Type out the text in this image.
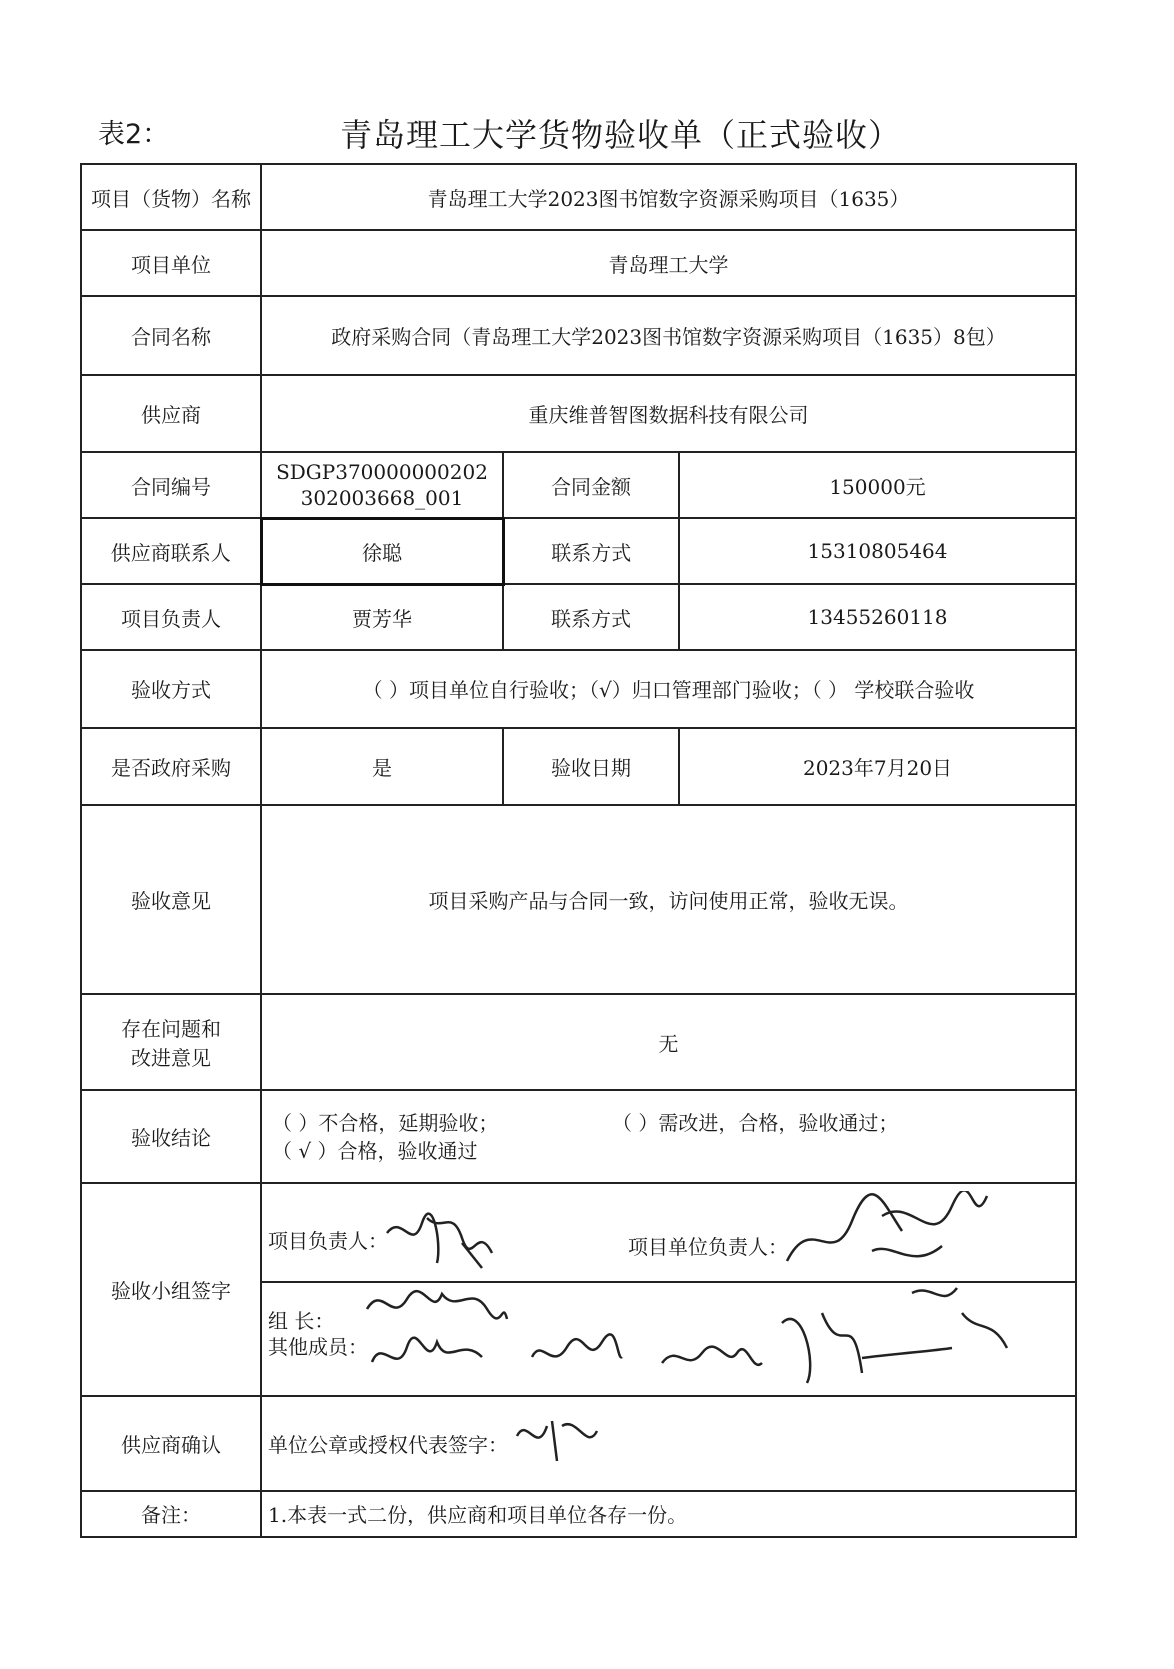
表2：	青岛理工大学货物验收单（正式验收）
项目（货物）名称	青岛理工大学2023图书馆数字资源采购项目（1635）		
项目单位	青岛理工大学		
合同名称	政府采购合同（青岛理工大学2023图书馆数字资源采购项目（1635）8包）		
供应商	重庆维普智图数据科技有限公司		
合同编号	SDGP370000000202302003668_001	合同金额	150000元
供应商联系人	徐聪	联系方式	15310805464
项目负责人	贾芳华	联系方式	13455260118
验收方式	（ ）项目单位自行验收；（√）归口管理部门验收；（ ） 学校联合验收		
是否政府采购	是	验收日期	2023年7月20日
验收意见	项目采购产品与合同一致，访问使用正常，验收无误。		

存在问题和
改进意见	无		
验收结论	（ ）不合格，延期验收； （ ）需改进，合格，验收通过；
（ √ ）合格，验收通过		

验收小组签字	项目负责人： 项目单位负责人：
组 长：
其他成员：		

供应商确认	单位公章或授权代表签字：		

备注：	1.本表一式二份，供应商和项目单位各存一份。		
